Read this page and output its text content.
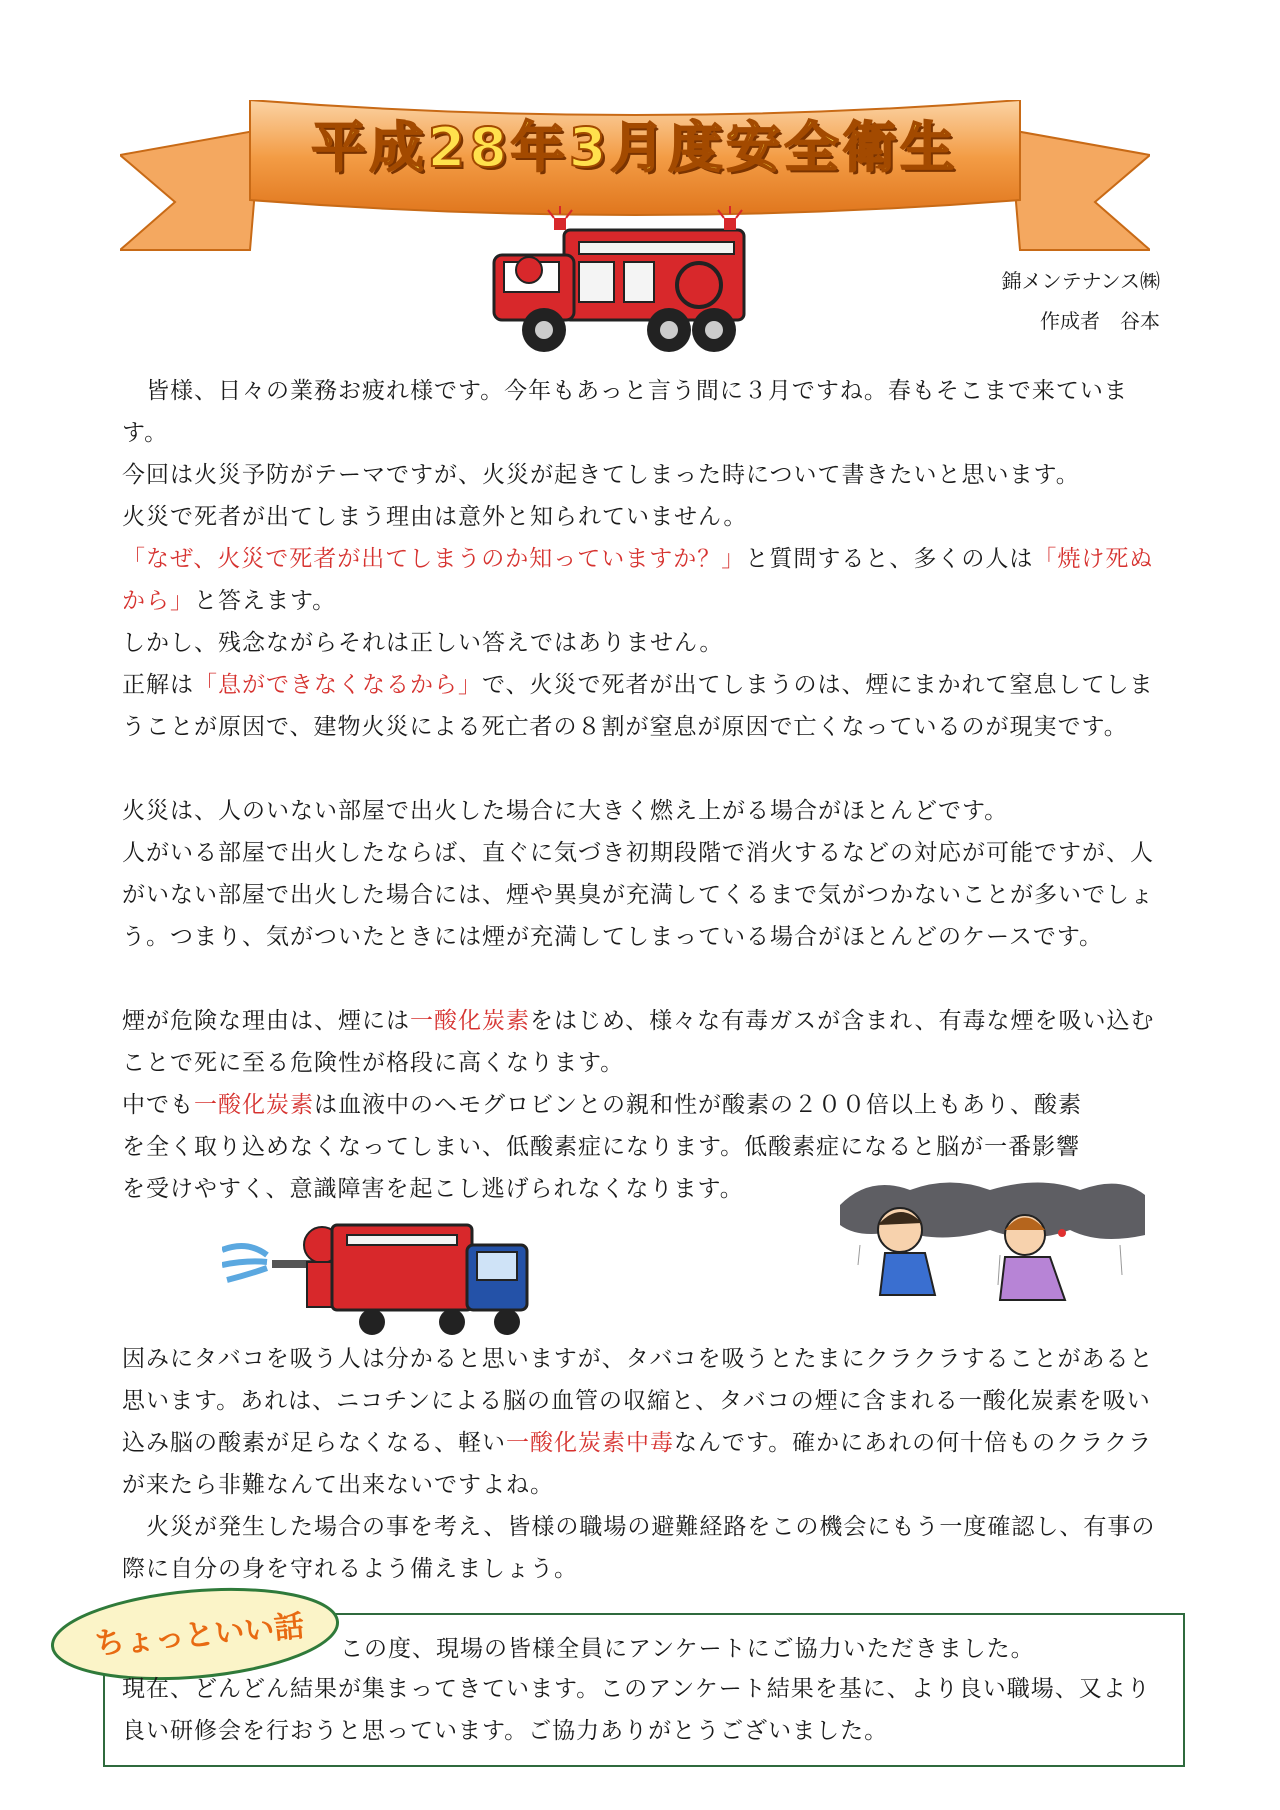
平成28年3月度安全衛生
錦メンテナンス㈱
作成者　谷本
　皆様、日々の業務お疲れ様です。今年もあっと言う間に３月ですね。春もそこまで来ています。
今回は火災予防がテーマですが、火災が起きてしまった時について書きたいと思います。
火災で死者が出てしまう理由は意外と知られていません。
「なぜ、火災で死者が出てしまうのか知っていますか？」と質問すると、多くの人は「焼け死ぬから」と答えます。
しかし、残念ながらそれは正しい答えではありません。
正解は「息ができなくなるから」で、火災で死者が出てしまうのは、煙にまかれて窒息してしまうことが原因で、建物火災による死亡者の８割が窒息が原因で亡くなっているのが現実です。
火災は、人のいない部屋で出火した場合に大きく燃え上がる場合がほとんどです。
人がいる部屋で出火したならば、直ぐに気づき初期段階で消火するなどの対応が可能ですが、人がいない部屋で出火した場合には、煙や異臭が充満してくるまで気がつかないことが多いでしょう。つまり、気がついたときには煙が充満してしまっている場合がほとんどのケースです。
煙が危険な理由は、煙には一酸化炭素をはじめ、様々な有毒ガスが含まれ、有毒な煙を吸い込むことで死に至る危険性が格段に高くなります。
中でも一酸化炭素は血液中のヘモグロビンとの親和性が酸素の２００倍以上もあり、酸素
を全く取り込めなくなってしまい、低酸素症になります。低酸素症になると脳が一番影響
を受けやすく、意識障害を起こし逃げられなくなります。
因みにタバコを吸う人は分かると思いますが、タバコを吸うとたまにクラクラすることがあると思います。あれは、ニコチンによる脳の血管の収縮と、タバコの煙に含まれる一酸化炭素を吸い込み脳の酸素が足らなくなる、軽い一酸化炭素中毒なんです。確かにあれの何十倍ものクラクラが来たら非難なんて出来ないですよね。
　火災が発生した場合の事を考え、皆様の職場の避難経路をこの機会にもう一度確認し、有事の際に自分の身を守れるよう備えましょう。
ちょっといい話	この度、現場の皆様全員にアンケートにご協力いただきました。
現在、どんどん結果が集まってきています。このアンケート結果を基に、より良い職場、又より良い研修会を行おうと思っています。ご協力ありがとうございました。
